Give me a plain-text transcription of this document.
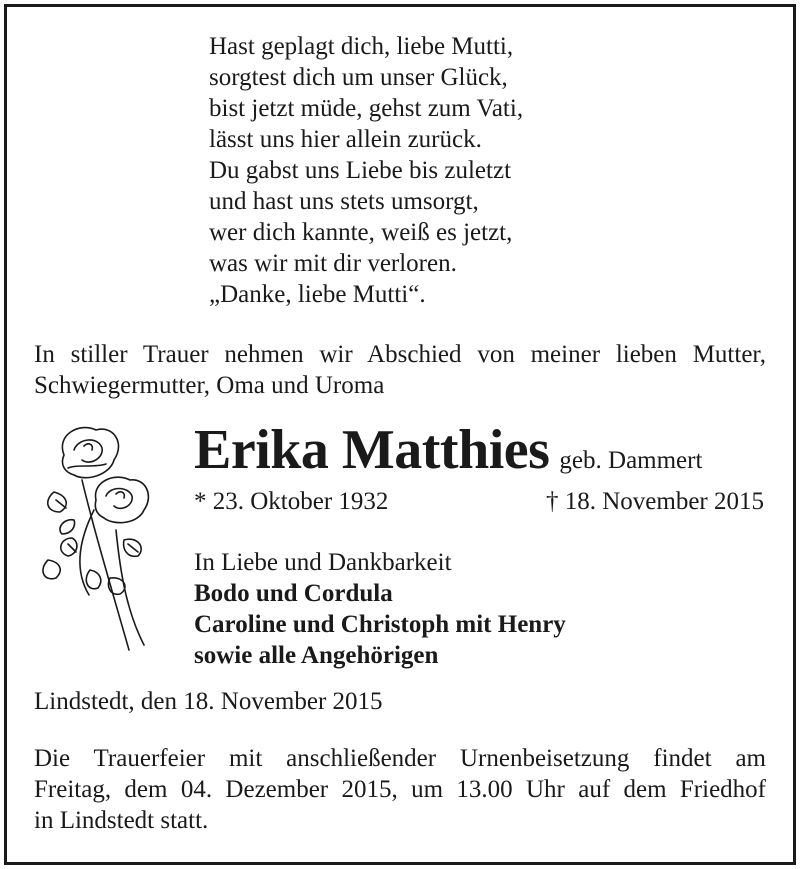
Hast geplagt dich, liebe Mutti,
sorgtest dich um unser Glück,
bist jetzt müde, gehst zum Vati,
lässt uns hier allein zurück.
Du gabst uns Liebe bis zuletzt
und hast uns stets umsorgt,
wer dich kannte, weiß es jetzt,
was wir mit dir verloren.
„Danke, liebe Mutti“.
In stiller Trauer nehmen wir Abschied von meiner lieben Mutter,
Schwiegermutter, Oma und Uroma
Erika Matthies geb. Dammert
* 23. Oktober 1932	† 18. November 2015
In Liebe und Dankbarkeit
Bodo und Cordula
Caroline und Christoph mit Henry
sowie alle Angehörigen
Lindstedt, den 18. November 2015
Die Trauerfeier mit anschließender Urnenbeisetzung findet am
Freitag, dem 04. Dezember 2015, um 13.00 Uhr auf dem Friedhof
in Lindstedt statt.
